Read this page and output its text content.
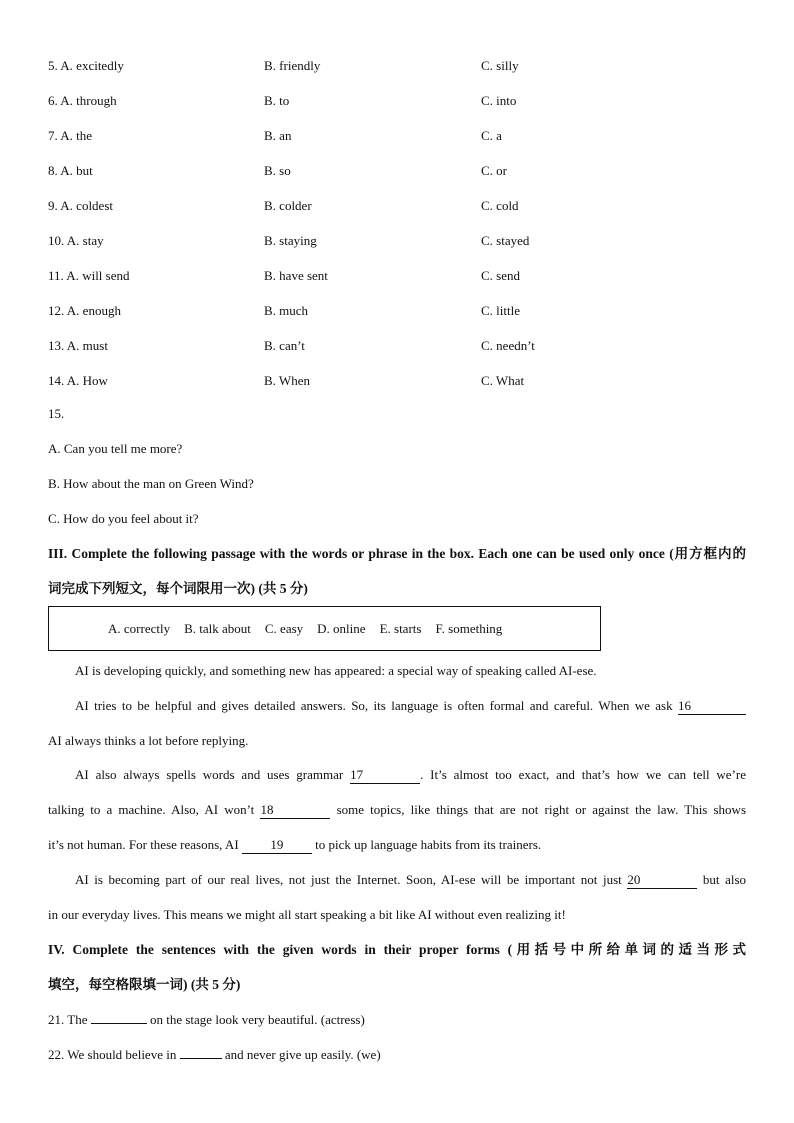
5. A. excitedly	B. friendly	C. silly
6. A. through	B. to	C. into
7. A. the	B. an	C. a
8. A. but	B. so	C. or
9. A. coldest	B. colder	C. cold
10. A. stay	B. staying	C. stayed
11. A. will send	B. have sent	C. send
12. A. enough	B. much	C. little
13. A. must	B. can’t	C. needn’t
14. A. How	B. When	C. What
15.
A. Can you tell me more?
B. How about the man on Green Wind?
C. How do you feel about it?
III. Complete the following passage with the words or phrase in the box. Each one can be used only once (用方框内的
词完成下列短文，每个词限用一次) (共 5 分)
A. correctly B. talk about C. easy D. online E. starts F. something
AI is developing quickly, and something new has appeared: a special way of speaking called AI-ese.
AI tries to be helpful and gives detailed answers. So, its language is often formal and careful. When we ask 16
AI always thinks a lot before replying.
AI also always spells words and uses grammar 17	. It’s almost too exact, and that’s how we can tell we’re
talking to a machine. Also, AI won’t 18	some topics, like things that are not right or against the law. This shows
it’s not human. For these reasons, AI 19 to pick up language habits from its trainers.
AI is becoming part of our real lives, not just the Internet. Soon, AI-ese will be important not just 20	but also
in our everyday lives. This means we might all start speaking a bit like AI without even realizing it!
IV. Complete the sentences with the given words in their proper forms (用括号中所给单词的适当形式
填空，每空格限填一词) (共 5 分)
21. The	on the stage look very beautiful. (actress)
22. We should believe in	and never give up easily. (we)
